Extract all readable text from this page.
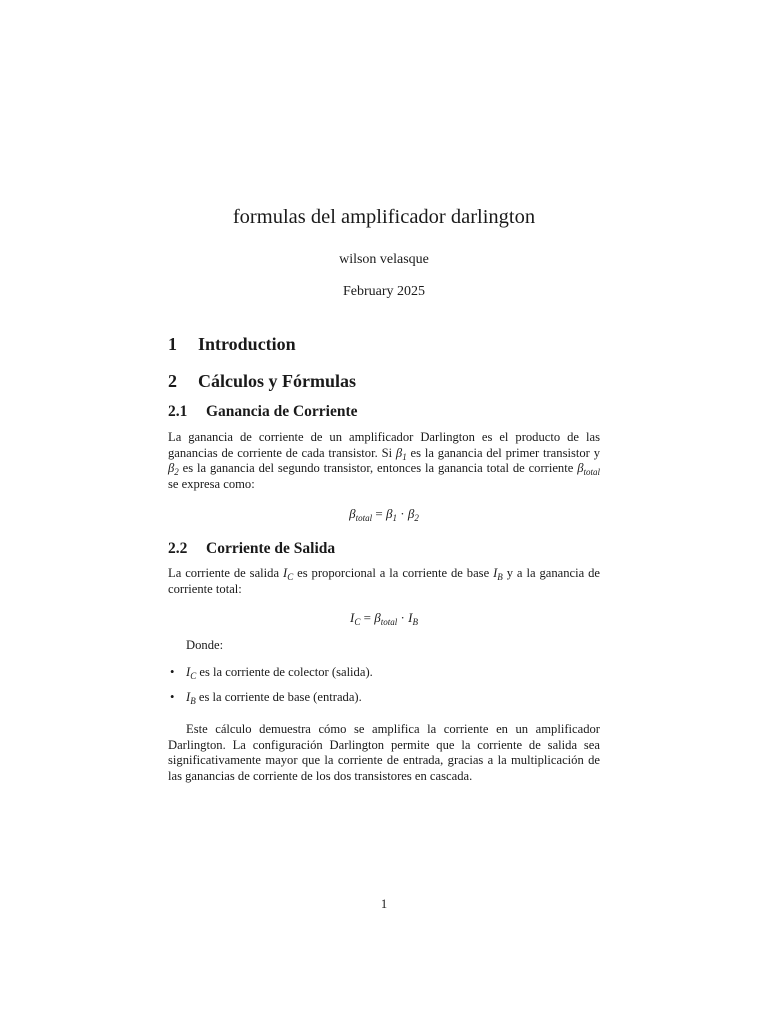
formulas del amplificador darlington

wilson velasque

February 2025

1 Introduction
2 Cálculos y Fórmulas
2.1 Ganancia de Corriente

La ganancia de corriente de un amplificador Darlington es el producto de las ganancias de corriente de cada transistor. Si $\beta_1$ es la ganancia del primer transistor y $\beta_2$ es la ganancia del segundo transistor, entonces la ganancia total de corriente $\beta_{total}$ se expresa como:

$\beta_{total} = \beta_1 \cdot \beta_2$

2.2 Corriente de Salida

La corriente de salida $I_C$ es proporcional a la corriente de base $I_B$ y a la ganancia de corriente total:

$I_C = \beta_{total} \cdot I_B$

Donde:

• $I_C$ es la corriente de colector (salida).
• $I_B$ es la corriente de base (entrada).

Este cálculo demuestra cómo se amplifica la corriente en un amplificador Darlington. La configuración Darlington permite que la corriente de salida sea significativamente mayor que la corriente de entrada, gracias a la multiplicación de las ganancias de corriente de los dos transistores en cascada.

1
